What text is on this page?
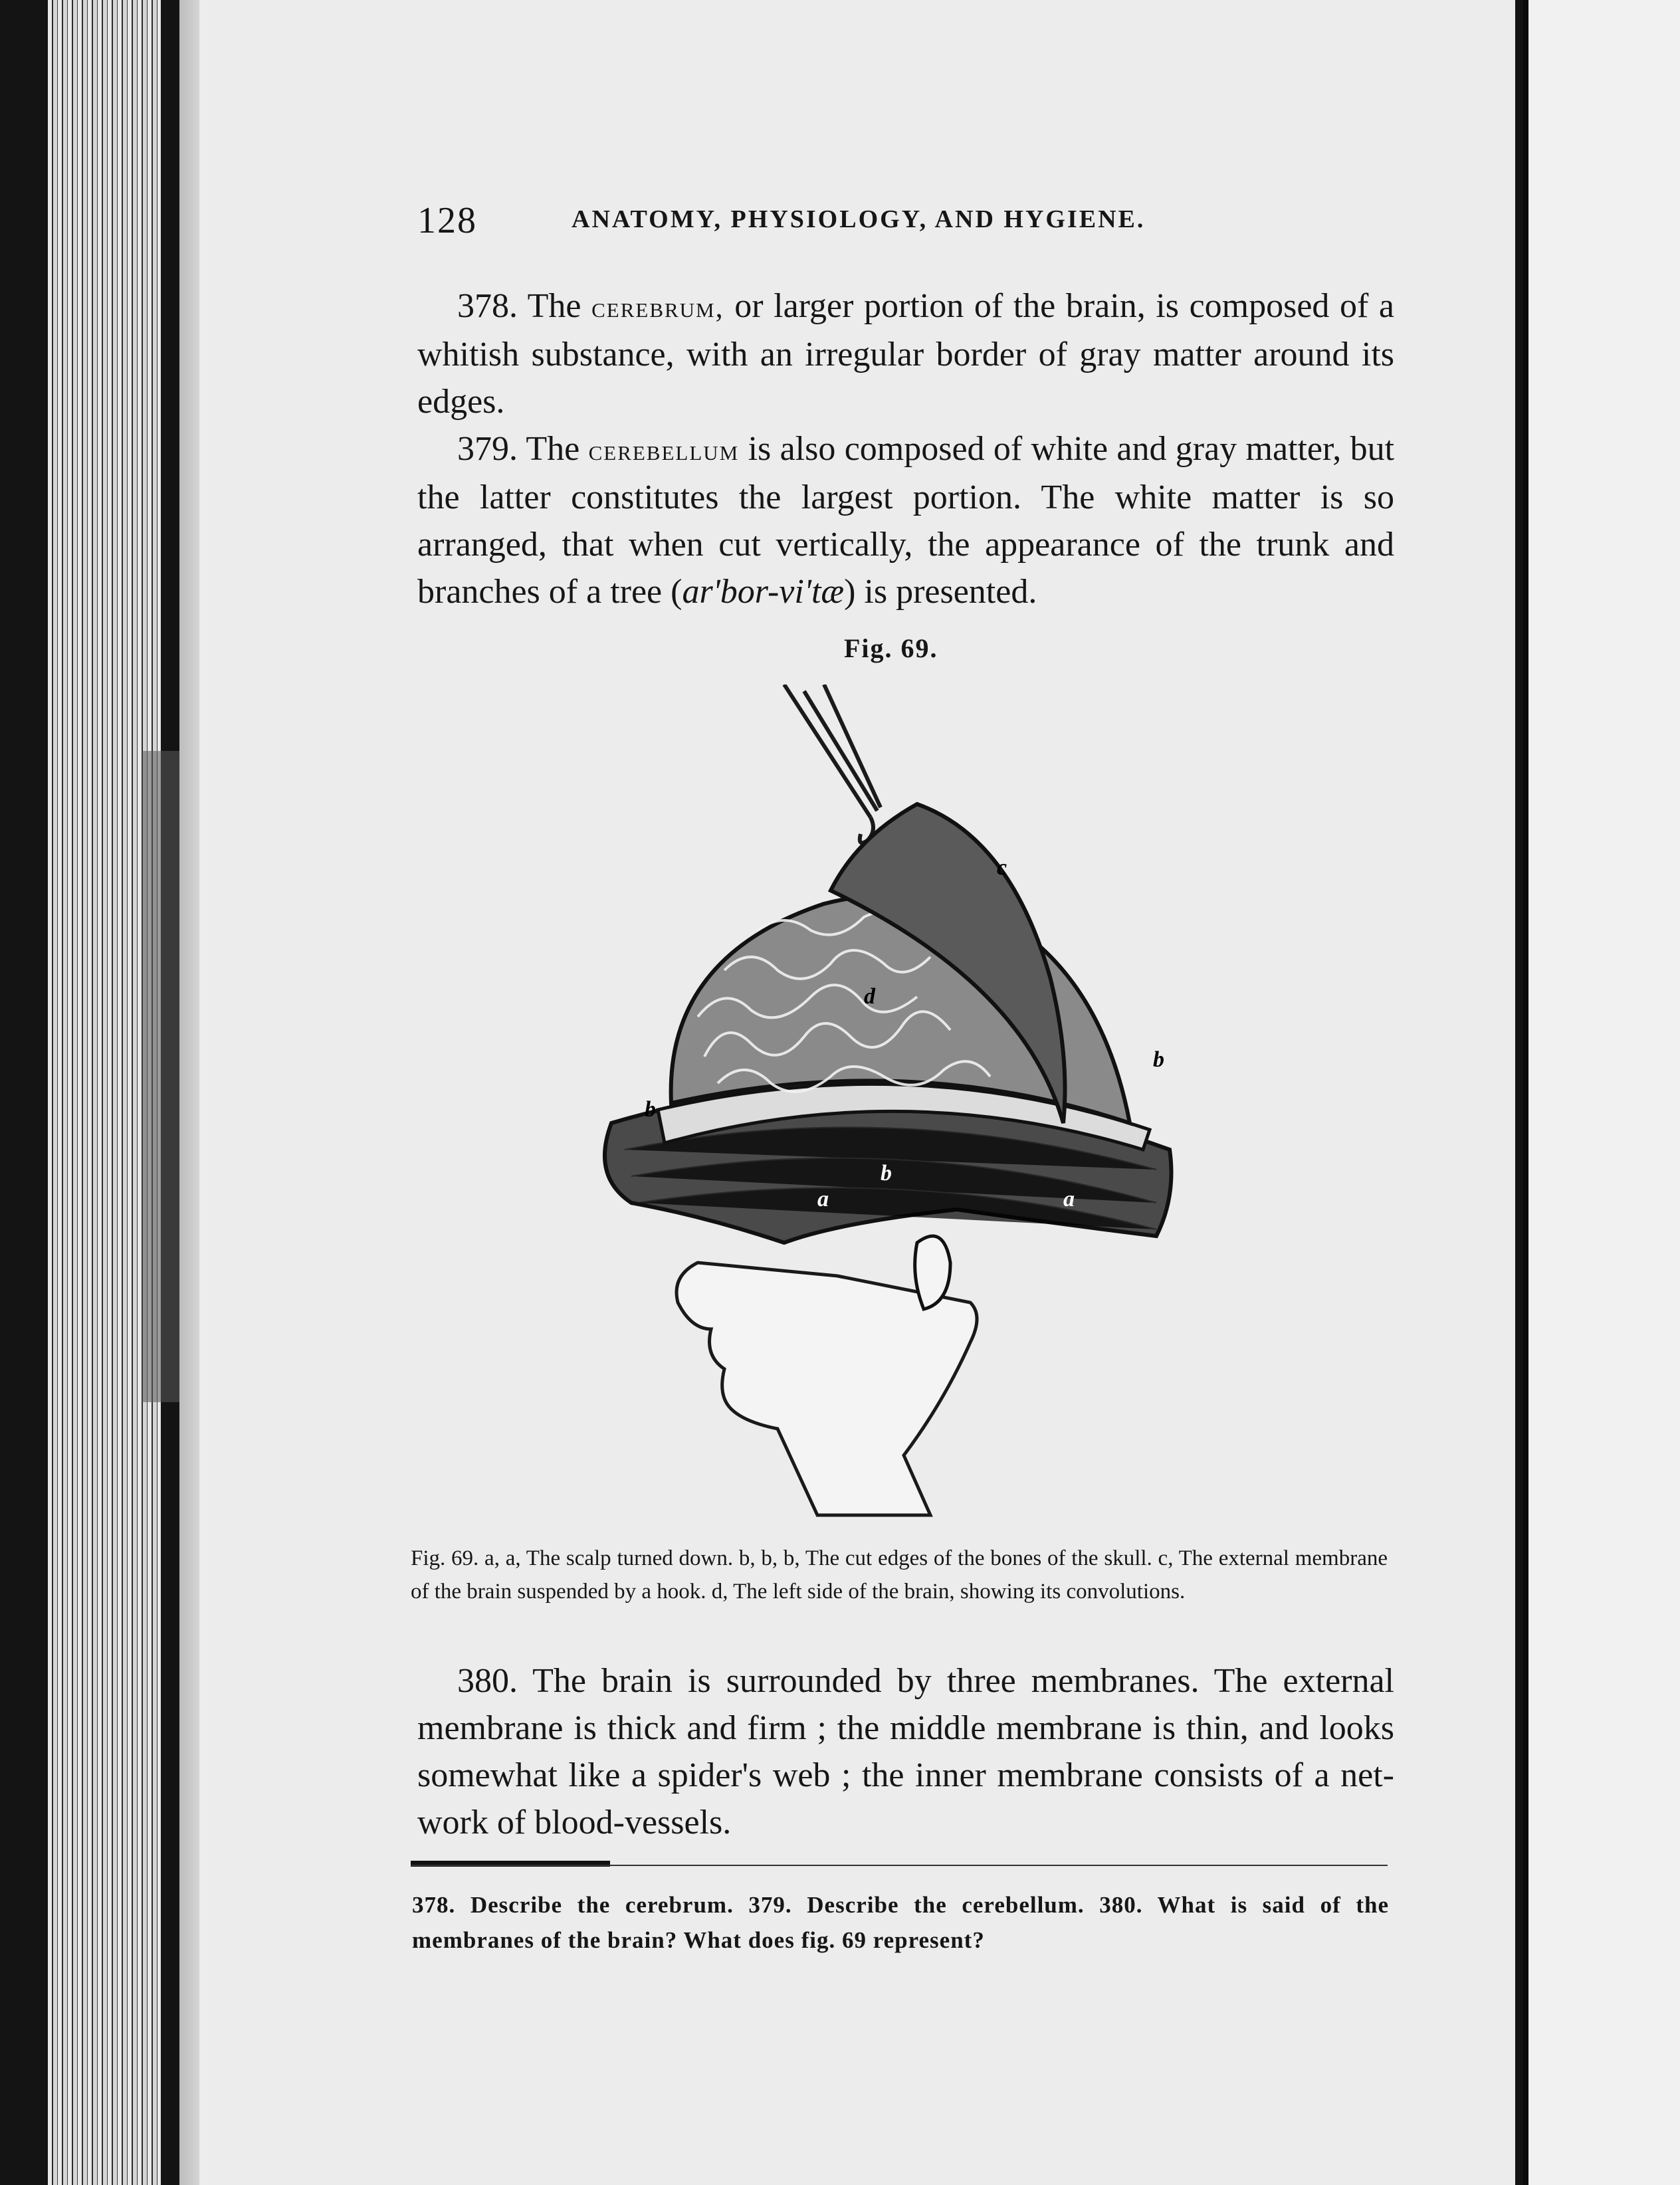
128	ANATOMY, PHYSIOLOGY, AND HYGIENE.

378. The cerebrum, or larger portion of the brain, is composed of a whitish substance, with an irregular border of gray matter around its edges.

379. The cerebellum is also composed of white and gray matter, but the latter constitutes the largest portion. The white matter is so arranged, that when cut vertically, the appearance of the trunk and branches of a tree (ar'bor-vi'tæ) is presented.

Fig. 69.
c
d
b
b
b
a	a
Fig. 69. a, a, The scalp turned down. b, b, b, The cut edges of the bones of the skull. c, The external membrane of the brain suspended by a hook. d, The left side of the brain, showing its convolutions.

380. The brain is surrounded by three membranes. The external membrane is thick and firm ; the middle membrane is thin, and looks somewhat like a spider's web ; the inner membrane consists of a net-work of blood-vessels.

378. Describe the cerebrum. 379. Describe the cerebellum. 380. What is said of the membranes of the brain? What does fig. 69 represent?
